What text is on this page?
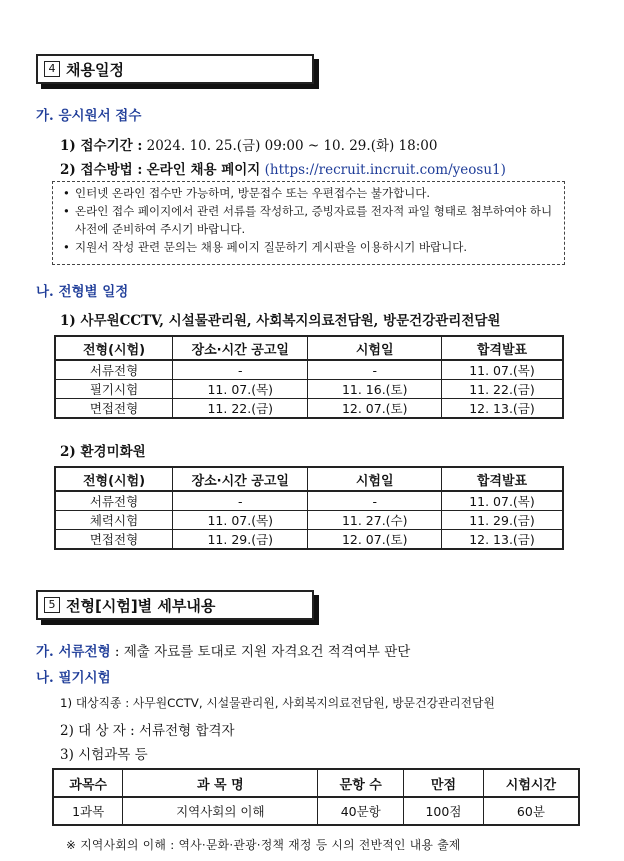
4 채용일정
가. 응시원서 접수
1) 접수기간 : 2024. 10. 25.(금) 09:00 ~ 10. 29.(화) 18:00
2) 접수방법 : 온라인 채용 페이지 (https://recruit.incruit.com/yeosu1)
• 인터넷 온라인 접수만 가능하며, 방문접수 또는 우편접수는 불가합니다.
• 온라인 접수 페이지에서 관련 서류를 작성하고, 증빙자료를 전자적 파일 형태로 첨부하여야 하니 사전에 준비하여 주시기 바랍니다.
• 지원서 작성 관련 문의는 채용 페이지 질문하기 게시판을 이용하시기 바랍니다.
나. 전형별 일정
1) 사무원CCTV, 시설물관리원, 사회복지의료전담원, 방문건강관리전담원
전형(시험)	장소·시간 공고일	시험일	합격발표
서류전형	-	-	11. 07.(목)
필기시험	11. 07.(목)	11. 16.(토)	11. 22.(금)
면접전형	11. 22.(금)	12. 07.(토)	12. 13.(금)
2) 환경미화원
전형(시험)	장소·시간 공고일	시험일	합격발표
서류전형	-	-	11. 07.(목)
체력시험	11. 07.(목)	11. 27.(수)	11. 29.(금)
면접전형	11. 29.(금)	12. 07.(토)	12. 13.(금)
5 전형[시험]별 세부내용
가. 서류전형 : 제출 자료를 토대로 지원 자격요건 적격여부 판단
나. 필기시험
1) 대상직종 : 사무원CCTV, 시설물관리원, 사회복지의료전담원, 방문건강관리전담원
2) 대 상 자 : 서류전형 합격자
3) 시험과목 등
과목수	과 목 명	문항 수	만점	시험시간
1과목	지역사회의 이해	40문항	100점	60분
※ 지역사회의 이해 : 역사·문화·관광·정책 재정 등 시의 전반적인 내용 출제
